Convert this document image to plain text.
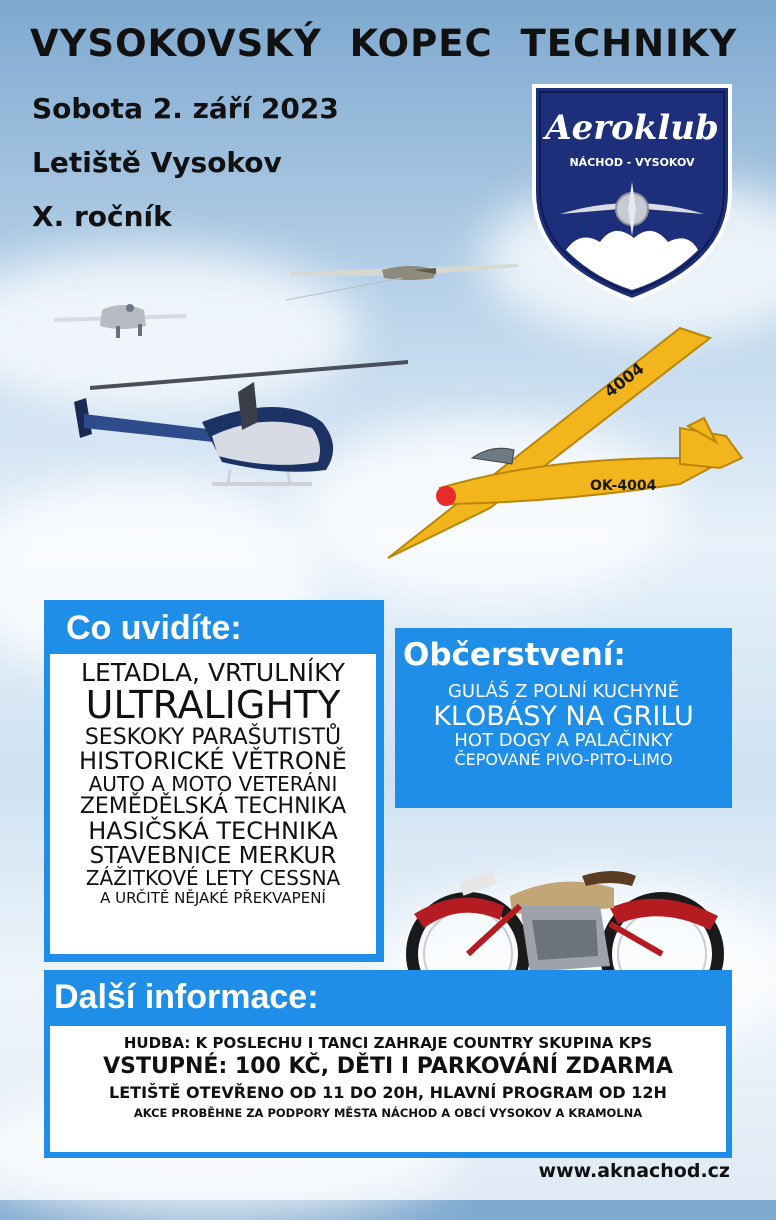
VYSOKOVSKÝ KOPEC TECHNIKY
Sobota 2. září 2023
Letiště Vysokov
X. ročník
Aeroklub
NÁCHOD - VYSOKOV
OK-4004
4004
Co uvidíte:
LETADLA, VRTULNÍKY
ULTRALIGHTY
SESKOKY PARAŠUTISTŮ
HISTORICKÉ VĚTRONĚ
AUTO A MOTO VETERÁNI
ZEMĚDĚLSKÁ TECHNIKA
HASIČSKÁ TECHNIKA
STAVEBNICE MERKUR
ZÁŽITKOVÉ LETY CESSNA
A URČITĚ NĚJAKÉ PŘEKVAPENÍ
Občerstvení:
GULÁŠ Z POLNÍ KUCHYNĚ
KLOBÁSY NA GRILU
HOT DOGY A PALAČINKY
ČEPOVANÉ PIVO-PITO-LIMO
Další informace:
HUDBA: K POSLECHU I TANCI ZAHRAJE COUNTRY SKUPINA KPS
VSTUPNÉ: 100 KČ, DĚTI I PARKOVÁNÍ ZDARMA
LETIŠTĚ OTEVŘENO OD 11 DO 20H, HLAVNÍ PROGRAM OD 12H
AKCE PROBĚHNE ZA PODPORY MĚSTA NÁCHOD A OBCÍ VYSOKOV A KRAMOLNA
www.aknachod.cz
